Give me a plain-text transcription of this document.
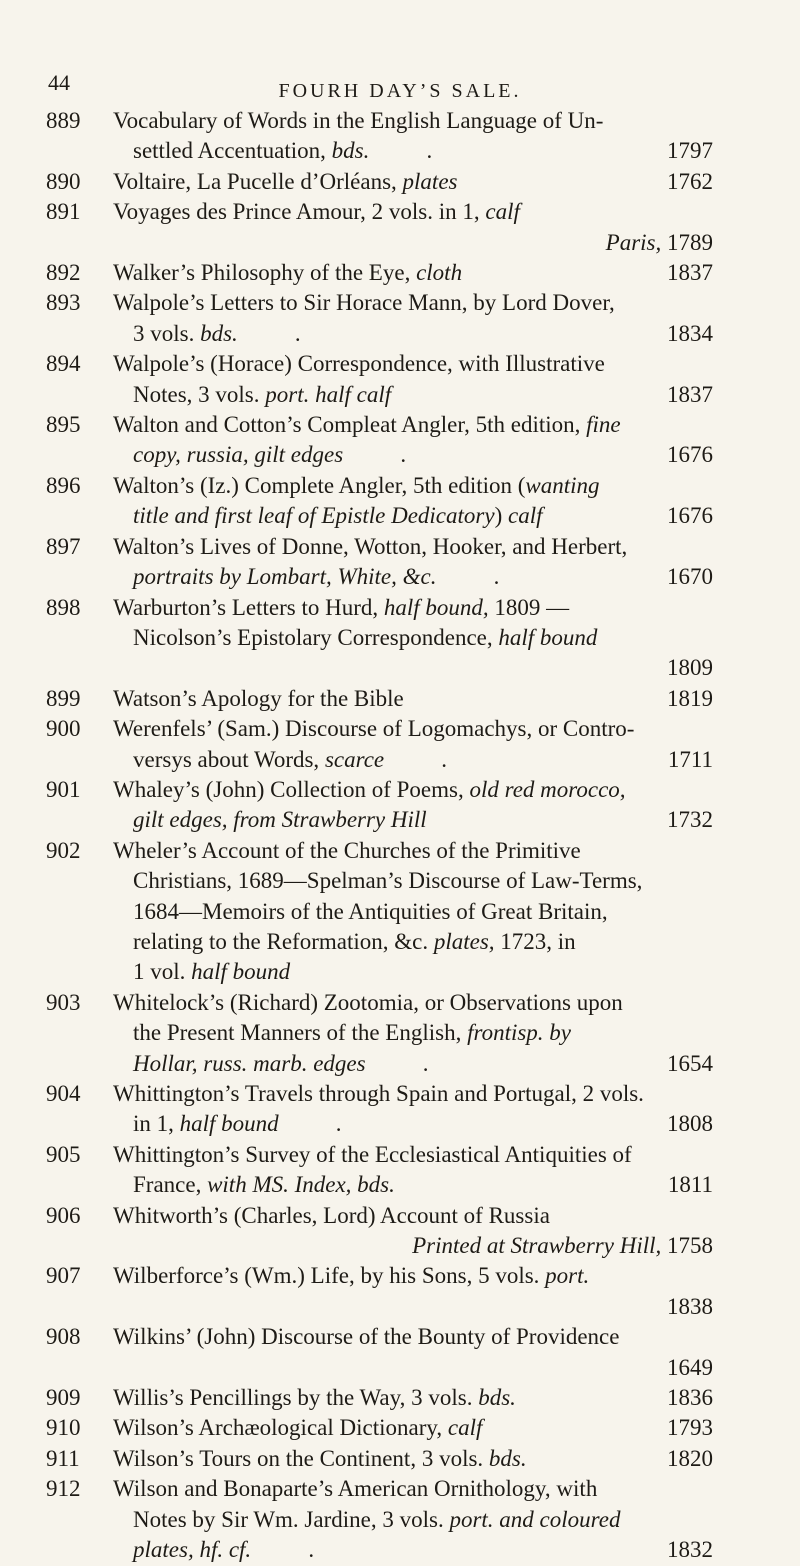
44	FOURH DAY’S SALE.
889 Vocabulary of Words in the English Language of Un-
settled Accentuation, bds. .	1797
890 Voltaire, La Pucelle d’Orléans, plates	1762
891 Voyages des Prince Amour, 2 vols. in 1, calf
Paris, 1789
892 Walker’s Philosophy of the Eye, cloth	1837
893 Walpole’s Letters to Sir Horace Mann, by Lord Dover,
3 vols. bds. .	1834
894 Walpole’s (Horace) Correspondence, with Illustrative
Notes, 3 vols. port. half calf	1837
895 Walton and Cotton’s Compleat Angler, 5th edition, fine
copy, russia, gilt edges .	1676
896 Walton’s (Iz.) Complete Angler, 5th edition (wanting
title and first leaf of Epistle Dedicatory) calf	1676
897 Walton’s Lives of Donne, Wotton, Hooker, and Herbert,
portraits by Lombart, White, &c. .	1670
898 Warburton’s Letters to Hurd, half bound, 1809 —
Nicolson’s Epistolary Correspondence, half bound
1809
899 Watson’s Apology for the Bible	1819
900 Werenfels’ (Sam.) Discourse of Logomachys, or Contro-
versys about Words, scarce .	1711
901 Whaley’s (John) Collection of Poems, old red morocco,
gilt edges, from Strawberry Hill	1732
902 Wheler’s Account of the Churches of the Primitive
Christians, 1689—Spelman’s Discourse of Law-Terms,
1684—Memoirs of the Antiquities of Great Britain,
relating to the Reformation, &c. plates, 1723, in
1 vol. half bound
903 Whitelock’s (Richard) Zootomia, or Observations upon
the Present Manners of the English, frontisp. by
Hollar, russ. marb. edges .	1654
904 Whittington’s Travels through Spain and Portugal, 2 vols.
in 1, half bound .	1808
905 Whittington’s Survey of the Ecclesiastical Antiquities of
France, with MS. Index, bds.	1811
906 Whitworth’s (Charles, Lord) Account of Russia
Printed at Strawberry Hill, 1758
907 Wilberforce’s (Wm.) Life, by his Sons, 5 vols. port.
1838
908 Wilkins’ (John) Discourse of the Bounty of Providence
1649
909 Willis’s Pencillings by the Way, 3 vols. bds.	1836
910 Wilson’s Archæological Dictionary, calf	1793
911 Wilson’s Tours on the Continent, 3 vols. bds.	1820
912 Wilson and Bonaparte’s American Ornithology, with
Notes by Sir Wm. Jardine, 3 vols. port. and coloured
plates, hf. cf. .	1832
